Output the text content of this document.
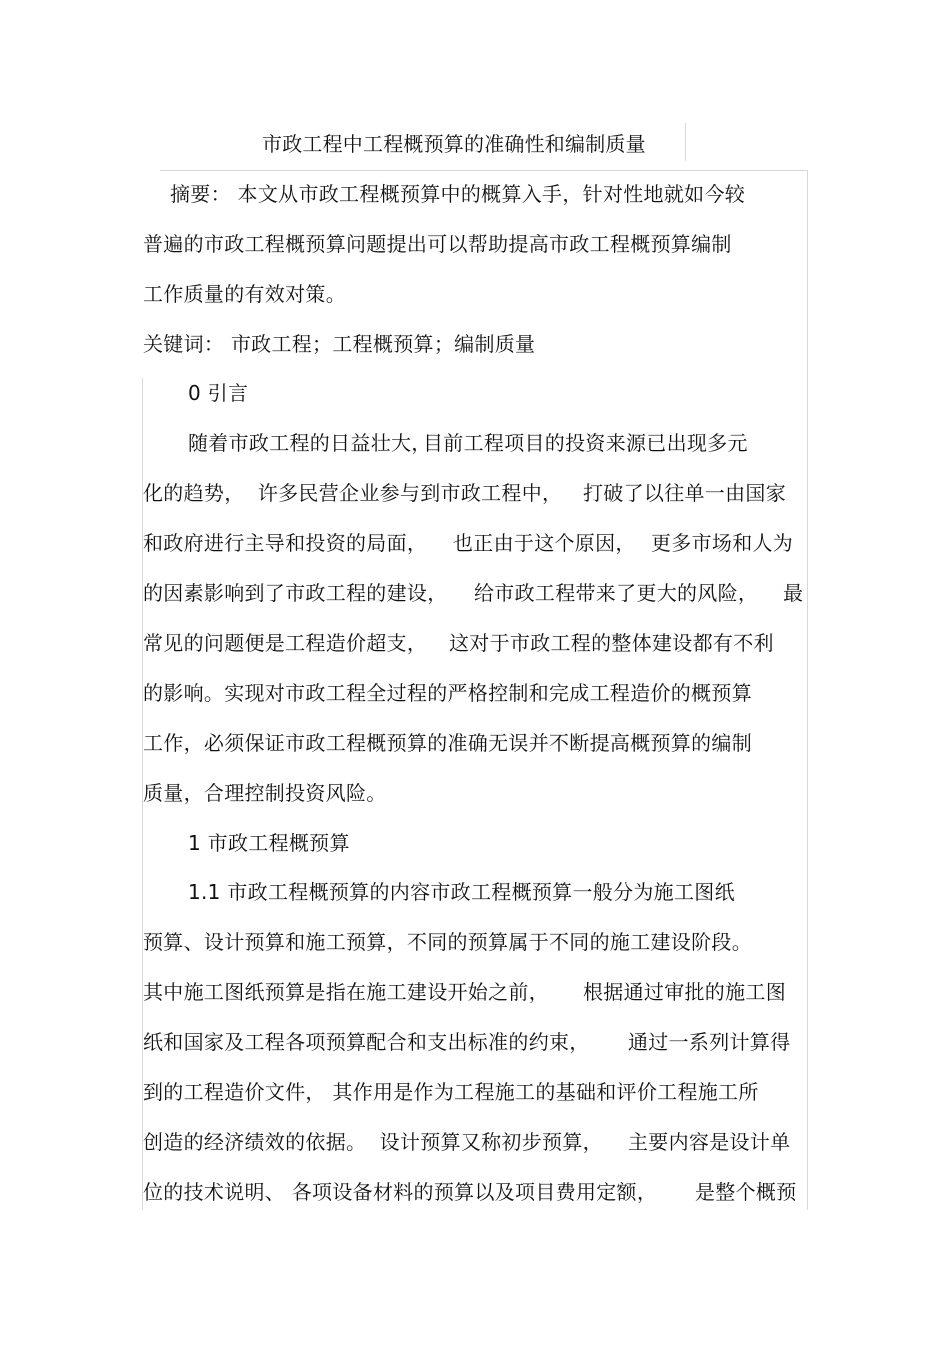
市政工程中工程概预算的准确性和编制质量
摘要： 本文从市政工程概预算中的概算入手，针对性地就如今较
普遍的市政工程概预算问题提出可以帮助提高市政工程概预算编制
工作质量的有效对策。
关键词： 市政工程；工程概预算；编制质量
0 引言
随着市政工程的日益壮大，
目前工程项目的投资来源已出现多元
化的趋势，  许多民营企业参与到市政工程中， 打破了以往单一由国家
和政府进行主导和投资的局面， 也正由于这个原因， 更多市场和人为
的因素影响到了市政工程的建设， 给市政工程带来了更大的风险， 最
常见的问题便是工程造价超支， 这对于市政工程的整体建设都有不利
的影响。实现对市政工程全过程的严格控制和完成工程造价的概预算
工作，必须保证市政工程概预算的准确无误并不断提高概预算的编制
质量，合理控制投资风险。
1 市政工程概预算
1.1 市政工程概预算的内容市政工程概预算一般分为施工图纸
预算、设计预算和施工预算，不同的预算属于不同的施工建设阶段。
其中施工图纸预算是指在施工建设开始之前， 根据通过审批的施工图
纸和国家及工程各项预算配合和支出标准的约束， 通过一系列计算得
到的工程造价文件， 其作用是作为工程施工的基础和评价工程施工所
创造的经济绩效的依据。  设计预算又称初步预算， 主要内容是设计单
位的技术说明、 各项设备材料的预算以及项目费用定额， 是整个概预
